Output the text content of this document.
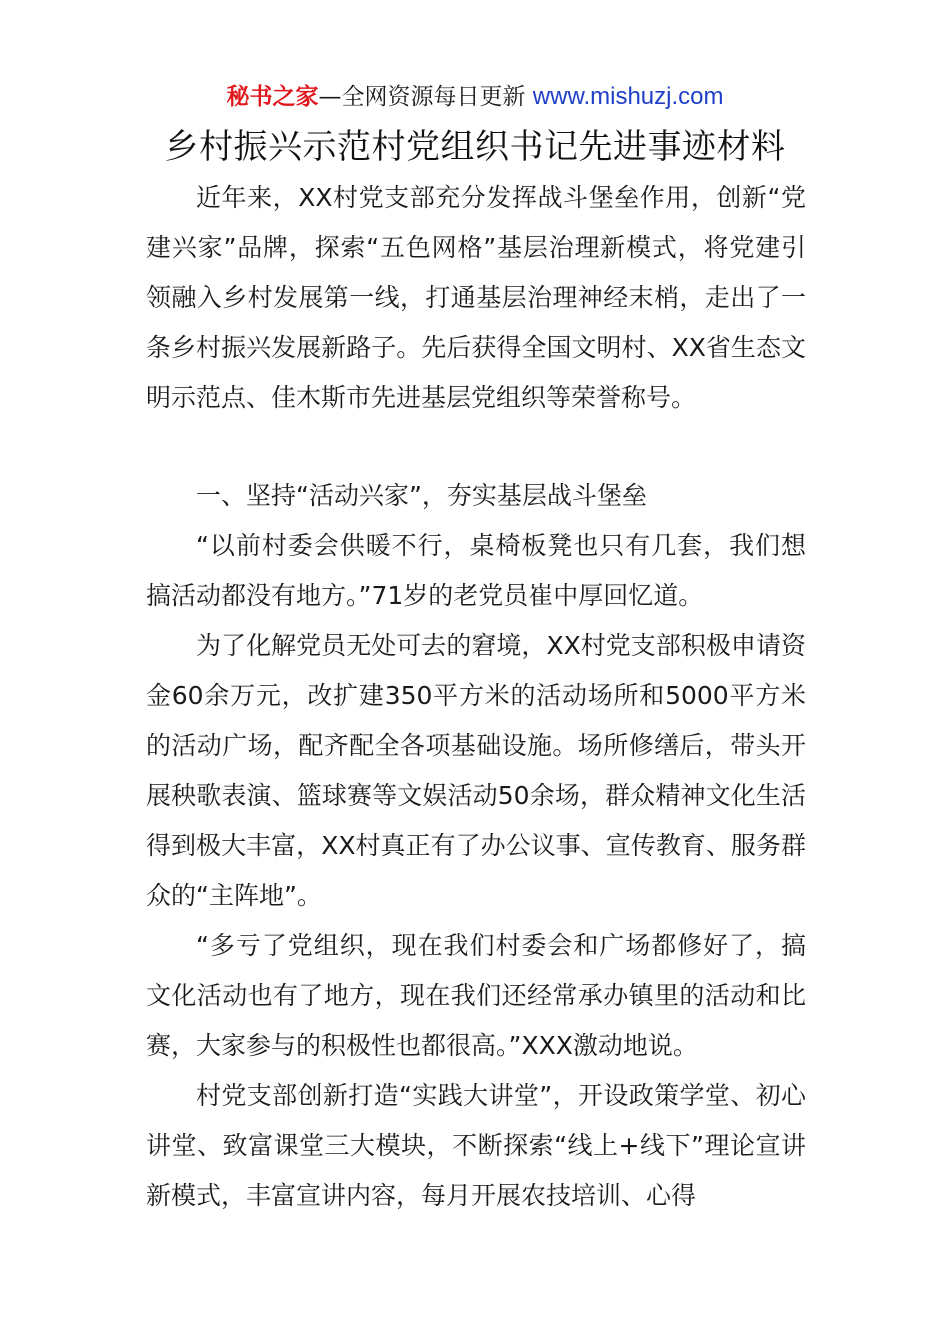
秘书之家—全网资源每日更新 www.mishuzj.com
乡村振兴示范村党组织书记先进事迹材料

近年来，XX村党支部充分发挥战斗堡垒作用，创新“党建兴家”品牌，探索“五色网格”基层治理新模式，将党建引领融入乡村发展第一线，打通基层治理神经末梢，走出了一条乡村振兴发展新路子。先后获得全国文明村、XX省生态文明示范点、佳木斯市先进基层党组织等荣誉称号。

一、坚持“活动兴家”，夯实基层战斗堡垒

“以前村委会供暖不行，桌椅板凳也只有几套，我们想搞活动都没有地方。”71岁的老党员崔中厚回忆道。

为了化解党员无处可去的窘境，XX村党支部积极申请资金60余万元，改扩建350平方米的活动场所和5000平方米的活动广场，配齐配全各项基础设施。场所修缮后，带头开展秧歌表演、篮球赛等文娱活动50余场，群众精神文化生活得到极大丰富，XX村真正有了办公议事、宣传教育、服务群众的“主阵地”。

“多亏了党组织，现在我们村委会和广场都修好了，搞文化活动也有了地方，现在我们还经常承办镇里的活动和比赛，大家参与的积极性也都很高。”XXX激动地说。

村党支部创新打造“实践大讲堂”，开设政策学堂、初心讲堂、致富课堂三大模块，不断探索“线上+线下”理论宣讲新模式，丰富宣讲内容，每月开展农技培训、心得
